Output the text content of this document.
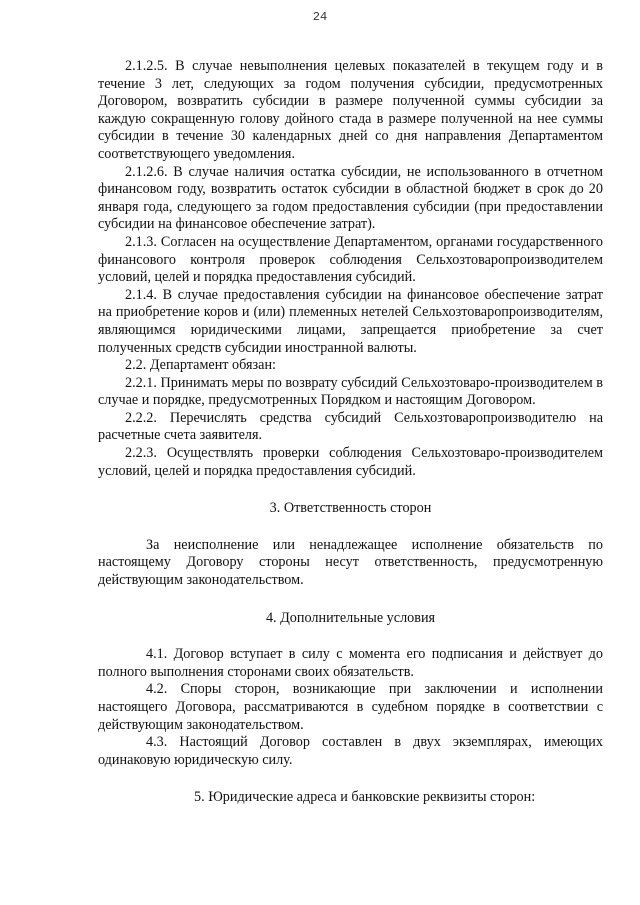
24

2.1.2.5. В случае невыполнения целевых показателей в текущем году и в течение 3 лет, следующих за годом получения субсидии, предусмотренных Договором, возвратить субсидии в размере полученной суммы субсидии за каждую сокращенную голову дойного стада в размере полученной на нее суммы субсидии в течение 30 календарных дней со дня направления Департаментом соответствующего уведомления.

2.1.2.6. В случае наличия остатка субсидии, не использованного в отчетном финансовом году, возвратить остаток субсидии в областной бюджет в срок до 20 января года, следующего за годом предоставления субсидии (при предоставлении субсидии на финансовое обеспечение затрат).

2.1.3. Согласен на осуществление Департаментом, органами государственного финансового контроля проверок соблюдения Сельхозтоваропроизводителем условий, целей и порядка предоставления субсидий.

2.1.4. В случае предоставления субсидии на финансовое обеспечение затрат на приобретение коров и (или) племенных нетелей Сельхозтоваропроизводителям, являющимся юридическими лицами, запрещается приобретение за счет полученных средств субсидии иностранной валюты.

2.2. Департамент обязан:

2.2.1. Принимать меры по возврату субсидий Сельхозтоваро-производителем в случае и порядке, предусмотренных Порядком и настоящим Договором.

2.2.2. Перечислять средства субсидий Сельхозтоваропроизводителю на расчетные счета заявителя.

2.2.3. Осуществлять проверки соблюдения Сельхозтоваро-производителем условий, целей и порядка предоставления субсидий.

3. Ответственность сторон

За неисполнение или ненадлежащее исполнение обязательств по настоящему Договору стороны несут ответственность, предусмотренную действующим законодательством.

4. Дополнительные условия

4.1. Договор вступает в силу с момента его подписания и действует до полного выполнения сторонами своих обязательств.

4.2. Споры сторон, возникающие при заключении и исполнении настоящего Договора, рассматриваются в судебном порядке в соответствии с действующим законодательством.

4.3. Настоящий Договор составлен в двух экземплярах, имеющих одинаковую юридическую силу.

5. Юридические адреса и банковские реквизиты сторон:
